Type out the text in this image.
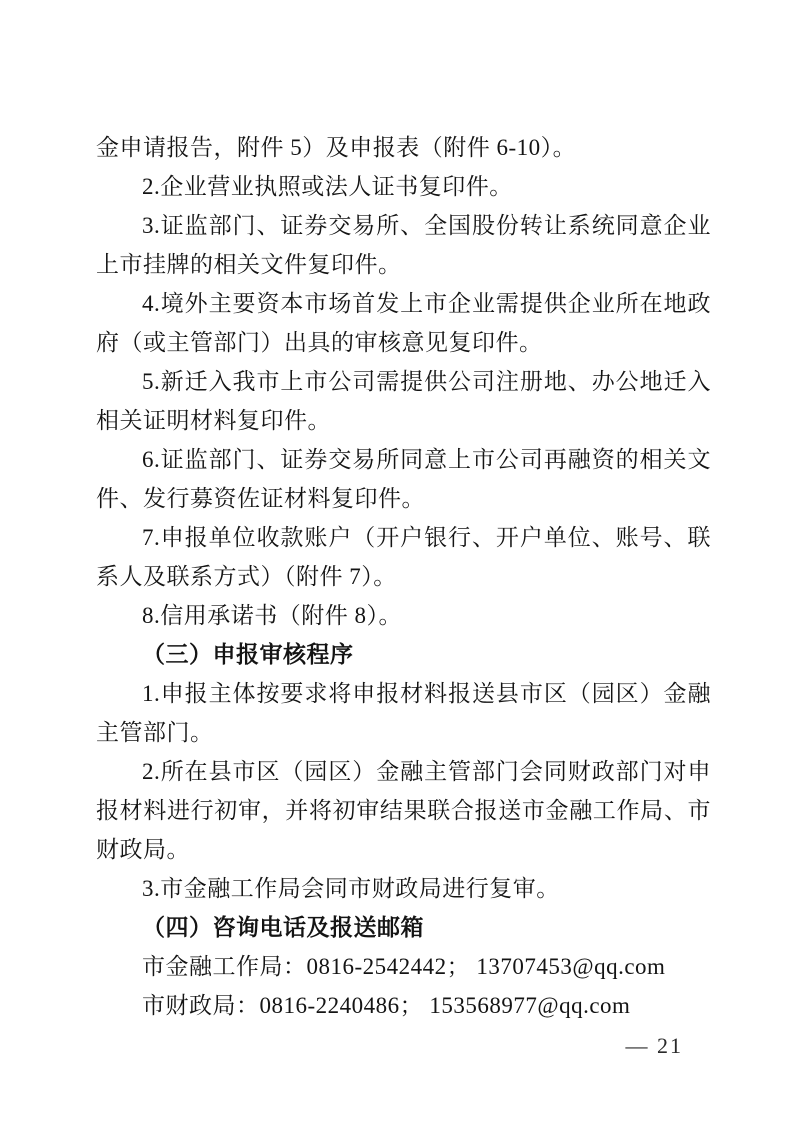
金申请报告，附件 5）及申报表（附件 6-10）。

2.企业营业执照或法人证书复印件。

3.证监部门、证券交易所、全国股份转让系统同意企业上市挂牌的相关文件复印件。

4.境外主要资本市场首发上市企业需提供企业所在地政府（或主管部门）出具的审核意见复印件。

5.新迁入我市上市公司需提供公司注册地、办公地迁入相关证明材料复印件。

6.证监部门、证券交易所同意上市公司再融资的相关文件、发行募资佐证材料复印件。

7.申报单位收款账户（开户银行、开户单位、账号、联系人及联系方式）（附件 7）。

8.信用承诺书（附件 8）。

（三）申报审核程序

1.申报主体按要求将申报材料报送县市区（园区）金融主管部门。

2.所在县市区（园区）金融主管部门会同财政部门对申报材料进行初审，并将初审结果联合报送市金融工作局、市财政局。

3.市金融工作局会同市财政局进行复审。

（四）咨询电话及报送邮箱

市金融工作局：0816-2542442； 13707453@qq.com

市财政局：0816-2240486； 153568977@qq.com

— 21
